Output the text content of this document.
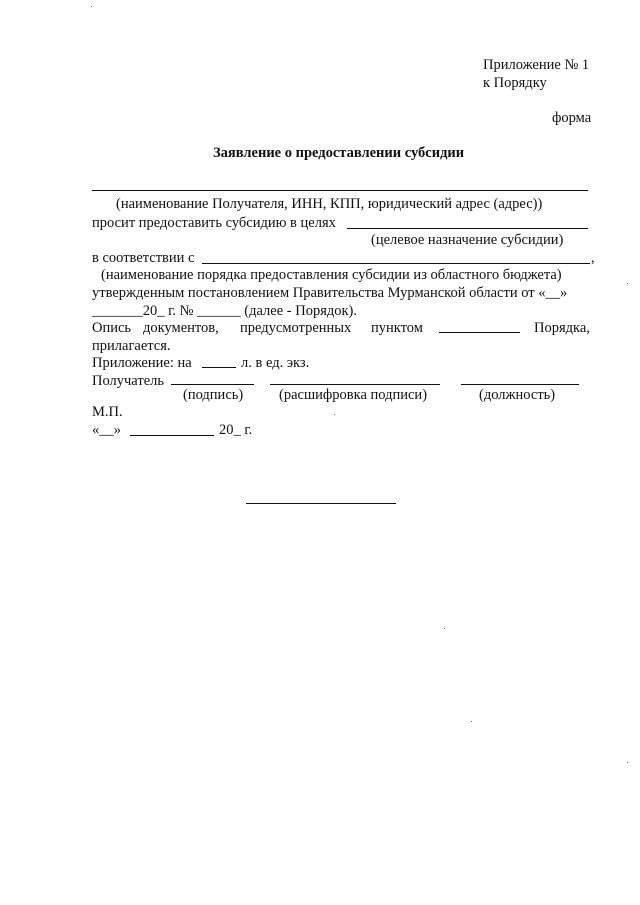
Приложение № 1
к Порядку
форма
Заявление о предоставлении субсидии
(наименование Получателя, ИНН, КПП, юридический адрес (адрес))
просит предоставить субсидию в целях
(целевое назначение субсидии)
в соответствии с	,
(наименование порядка предоставления субсидии из областного бюджета)
утвержденным постановлением Правительства Мурманской области от «__»
_______20_ г. № ______ (далее - Порядок).
Опись документов, предусмотренных пунктом	Порядка,
прилагается.
Приложение: на	л. в ед. экз.
Получатель
(подпись) (расшифровка подписи)	(должность)
М.П.
«__»	20_ г.
